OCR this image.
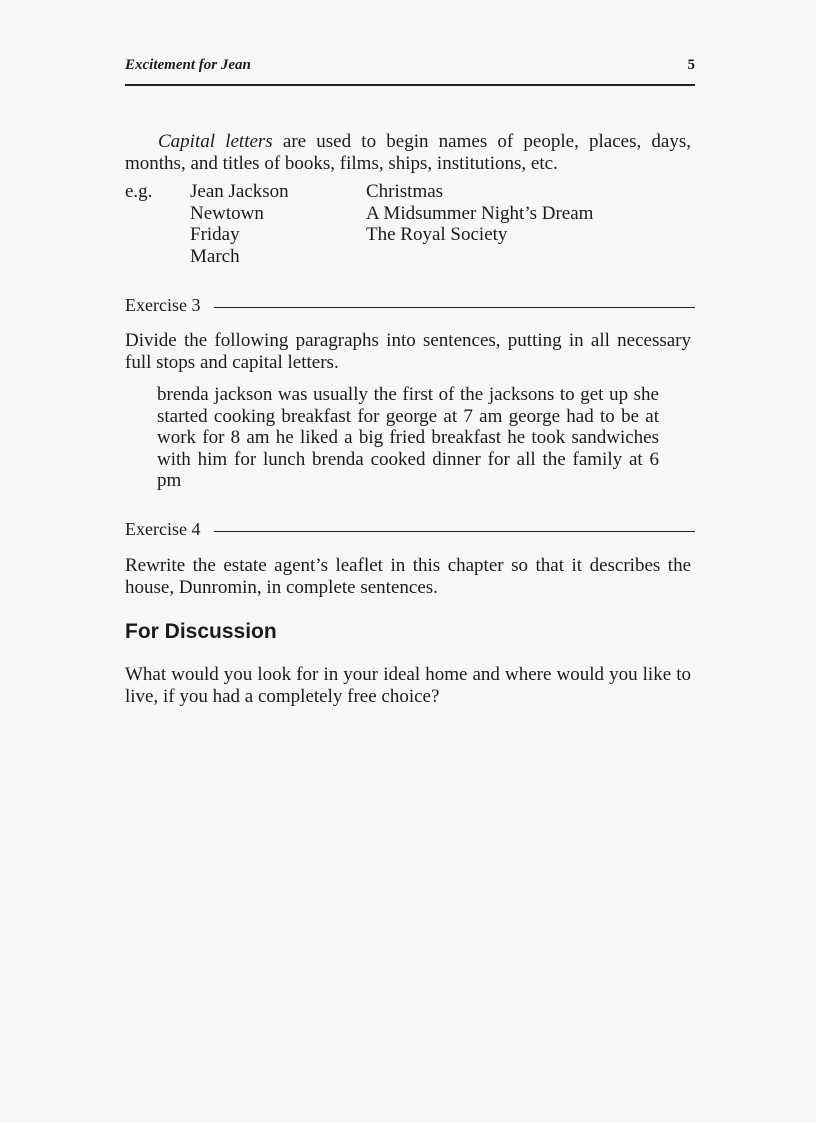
Excitement for Jean	5

Capital letters are used to begin names of people, places, days, months, and titles of books, films, ships, institutions, etc.

e.g. Jean Jackson
Newtown
Friday
March
Christmas
A Midsummer Night’s Dream
The Royal Society
Exercise 3

Divide the following paragraphs into sentences, putting in all necessary full stops and capital letters.

brenda jackson was usually the first of the jacksons to get up she started cooking breakfast for george at 7 am george had to be at work for 8 am he liked a big fried breakfast he took sandwiches with him for lunch brenda cooked dinner for all the family at 6 pm

Exercise 4

Rewrite the estate agent’s leaflet in this chapter so that it describes the house, Dunromin, in complete sentences.

For Discussion

What would you look for in your ideal home and where would you like to live, if you had a completely free choice?
